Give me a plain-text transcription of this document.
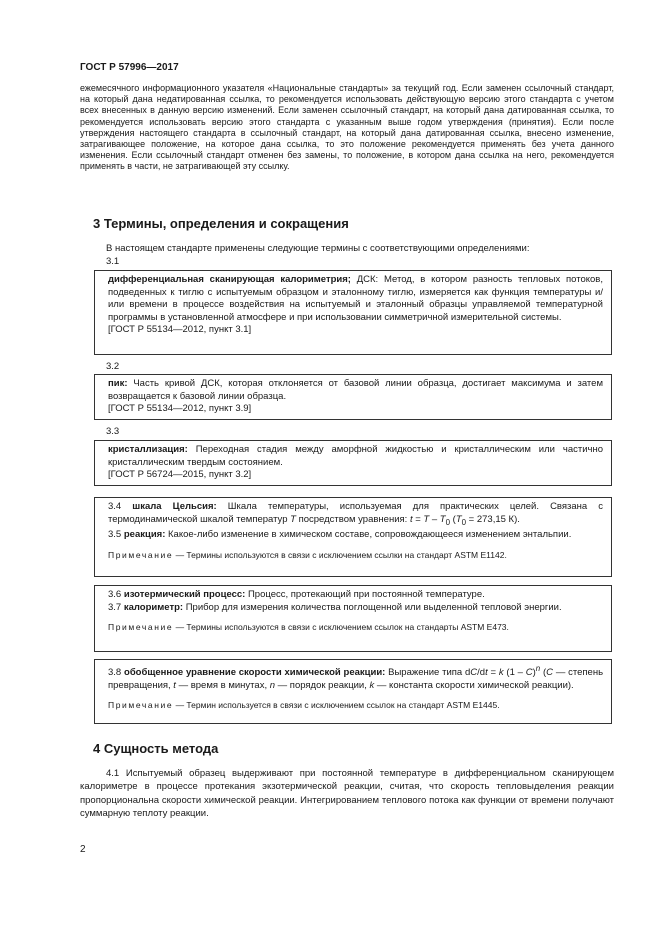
ГОСТ Р 57996—2017

ежемесячного информационного указателя «Национальные стандарты» за текущий год. Если заменен ссылочный стандарт, на который дана недатированная ссылка, то рекомендуется использовать действующую версию этого стандарта с учетом всех внесенных в данную версию изменений. Если заменен ссылочный стандарт, на который дана датированная ссылка, то рекомендуется использовать версию этого стандарта с указанным выше годом утверждения (принятия). Если после утверждения настоящего стандарта в ссылочный стандарт, на который дана датированная ссылка, внесено изменение, затрагивающее положение, на которое дана ссылка, то это положение рекомендуется применять без учета данного изменения. Если ссылочный стандарт отменен без замены, то положение, в котором дана ссылка на него, рекомендуется применять в части, не затрагивающей эту ссылку.

3 Термины, определения и сокращения

В настоящем стандарте применены следующие термины с соответствующими определениями:

3.1

дифференциальная сканирующая калориметрия; ДСК: Метод, в котором разность тепловых потоков, подведенных к тиглю с испытуемым образцом и эталонному тиглю, измеряется как функция температуры и/или времени в процессе воздействия на испытуемый и эталонный образцы управляемой температурной программы в установленной атмосфере и при использовании симметричной измерительной системы.

[ГОСТ Р 55134—2012, пункт 3.1]

3.2

пик: Часть кривой ДСК, которая отклоняется от базовой линии образца, достигает максимума и затем возвращается к базовой линии образца.

[ГОСТ Р 55134—2012, пункт 3.9]

3.3

кристаллизация: Переходная стадия между аморфной жидкостью и кристаллическим или частично кристаллическим твердым состоянием.

[ГОСТ Р 56724—2015, пункт 3.2]

3.4 шкала Цельсия: Шкала температуры, используемая для практических целей. Связана с термодинамической шкалой температур T посредством уравнения: $t = T - T_0$ ($T_0 = 273,15$ К).

3.5 реакция: Какое-либо изменение в химическом составе, сопровождающееся изменением энтальпии.

Примечание — Термины используются в связи с исключением ссылки на стандарт ASTM E1142.

3.6 изотермический процесс: Процесс, протекающий при постоянной температуре.

3.7 калориметр: Прибор для измерения количества поглощенной или выделенной тепловой энергии.

Примечание — Термины используются в связи с исключением ссылок на стандарты ASTM E473.

3.8 обобщенное уравнение скорости химической реакции: Выражение типа dC/dt = k (1 – C)$^n$ (C — степень превращения, t — время в минутах, n — порядок реакции, k — константа скорости химической реакции).

Примечание — Термин используется в связи с исключением ссылок на стандарт ASTM E1445.

4 Сущность метода

4.1 Испытуемый образец выдерживают при постоянной температуре в дифференциальном сканирующем калориметре в процессе протекания экзотермической реакции, считая, что скорость тепловыделения реакции пропорциональна скорости химической реакции. Интегрированием теплового потока как функции от времени получают суммарную теплоту реакции.

2
